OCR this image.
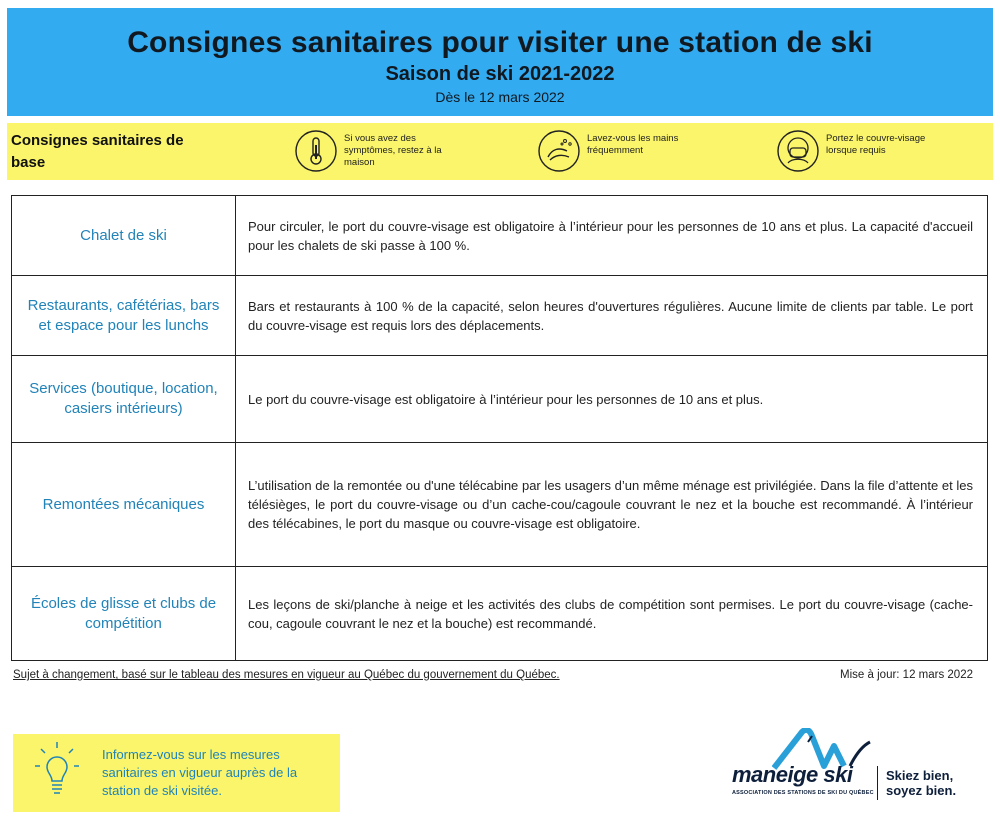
Consignes sanitaires pour visiter une station de ski
Saison de ski 2021-2022
Dès le 12 mars 2022
Consignes sanitaires de base
Si vous avez des symptômes, restez à la maison
Lavez-vous les mains fréquemment
Portez le couvre-visage lorsque requis
Chalet de ski
Pour circuler, le port du couvre-visage est obligatoire à l’intérieur pour les personnes de 10 ans et plus. La capacité d'accueil pour les chalets de ski passe à 100 %.
Restaurants, cafétérias, bars et espace pour les lunchs
Bars et restaurants à 100 % de la capacité, selon heures d'ouvertures régulières. Aucune limite de clients par table. Le port du couvre-visage est requis lors des déplacements.
Services (boutique, location, casiers intérieurs)
Le port du couvre-visage est obligatoire à l’intérieur pour les personnes de 10 ans et plus.
Remontées mécaniques
L’utilisation de la remontée ou d'une télécabine par les usagers d’un même ménage est privilégiée. Dans la file d’attente et les télésièges, le port du couvre-visage ou d’un cache-cou/cagoule couvrant le nez et la bouche est recommandé. À l’intérieur des télécabines, le port du masque ou couvre-visage est obligatoire.
Écoles de glisse et clubs de compétition
Les leçons de ski/planche à neige et les activités des clubs de compétition sont permises. Le port du couvre-visage (cache-cou, cagoule couvrant le nez et la bouche) est recommandé.
Sujet à changement, basé sur le tableau des mesures en vigueur au Québec du gouvernement du Québec.	Mise à jour: 12 mars 2022
Informez-vous sur les mesures sanitaires en vigueur auprès de la station de ski visitée.
maneige ski
ASSOCIATION DES STATIONS DE SKI DU QUÉBEC
Skiez bien,
soyez bien.
